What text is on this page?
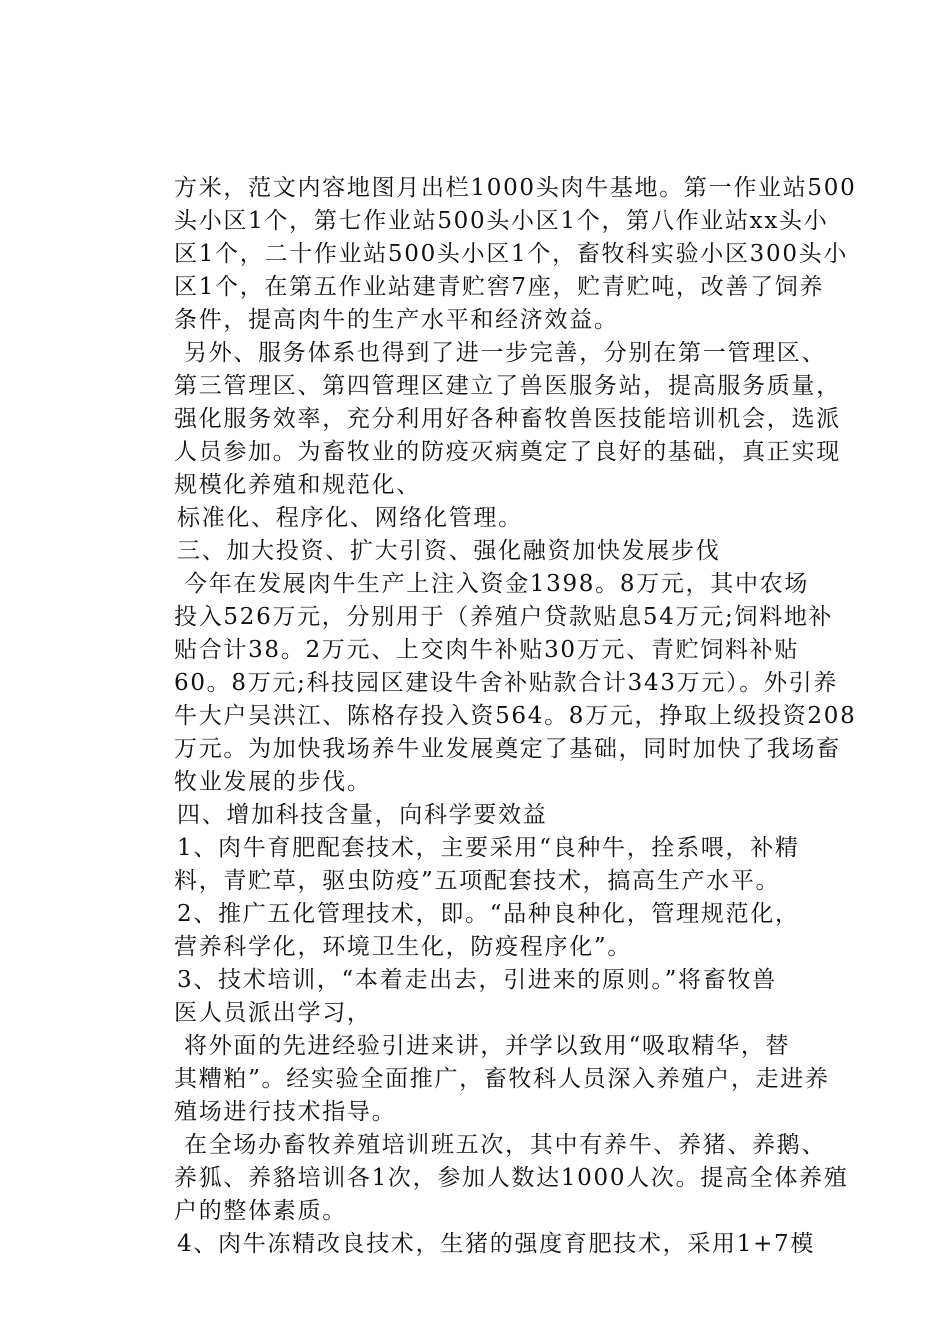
方米，范文内容地图月出栏1000头肉牛基地。第一作业站500
头小区1个，第七作业站500头小区1个，第八作业站xx头小
区1个，二十作业站500头小区1个，畜牧科实验小区300头小
区1个，在第五作业站建青贮窖7座，贮青贮吨，改善了饲养
条件，提高肉牛的生产水平和经济效益。
另外、服务体系也得到了进一步完善，分别在第一管理区、
第三管理区、第四管理区建立了兽医服务站，提高服务质量，
强化服务效率，充分利用好各种畜牧兽医技能培训机会，选派
人员参加。为畜牧业的防疫灭病奠定了良好的基础，真正实现
规模化养殖和规范化、
标准化、程序化、网络化管理。
三、加大投资、扩大引资、强化融资加快发展步伐
今年在发展肉牛生产上注入资金1398。8万元，其中农场
投入526万元，分别用于（养殖户贷款贴息54万元;饲料地补
贴合计38。2万元、上交肉牛补贴30万元、青贮饲料补贴
60。8万元;科技园区建设牛舍补贴款合计343万元）。外引养
牛大户吴洪江、陈格存投入资564。8万元，挣取上级投资208
万元。为加快我场养牛业发展奠定了基础，同时加快了我场畜
牧业发展的步伐。
四、增加科技含量，向科学要效益
1、肉牛育肥配套技术，主要采用“良种牛，拴系喂，补精
料，青贮草，驱虫防疫”五项配套技术，搞高生产水平。
2、推广五化管理技术，即。“品种良种化，管理规范化，
营养科学化，环境卫生化，防疫程序化”。
3、技术培训，“本着走出去，引进来的原则。”将畜牧兽
医人员派出学习，
将外面的先进经验引进来讲，并学以致用“吸取精华，替
其糟粕”。经实验全面推广，畜牧科人员深入养殖户，走进养
殖场进行技术指导。
在全场办畜牧养殖培训班五次，其中有养牛、养猪、养鹅、
养狐、养貉培训各1次，参加人数达1000人次。提高全体养殖
户的整体素质。
4、肉牛冻精改良技术，生猪的强度育肥技术，采用1+7模
